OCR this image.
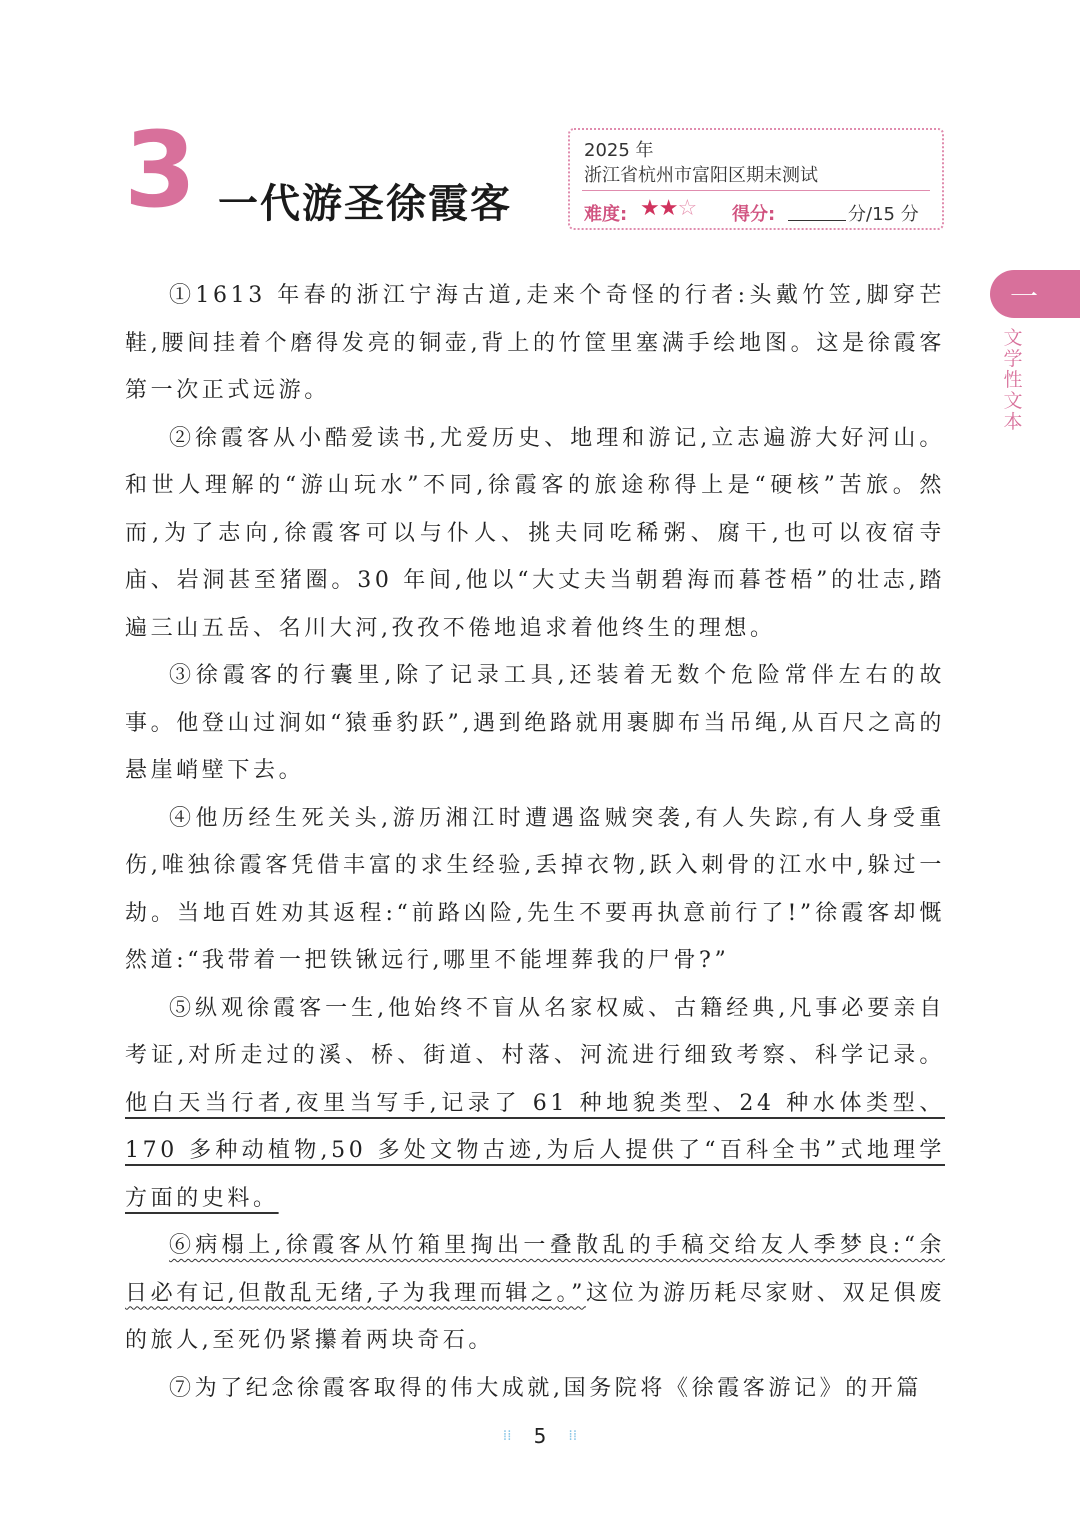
3 一代游圣徐霞客
2025 年
浙江省杭州市富阳区期末测试
难度: ★★☆ 得分:	分/15 分
一
文学性文本

①1613 年春的浙江宁海古道,走来个奇怪的行者:头戴竹笠,脚穿芒鞋,腰间挂着个磨得发亮的铜壶,背上的竹筐里塞满手绘地图。这是徐霞客第一次正式远游。

②徐霞客从小酷爱读书,尤爱历史、地理和游记,立志遍游大好河山。和世人理解的“游山玩水”不同,徐霞客的旅途称得上是“硬核”苦旅。然而,为了志向,徐霞客可以与仆人、挑夫同吃稀粥、腐干,也可以夜宿寺庙、岩洞甚至猪圈。30 年间,他以“大丈夫当朝碧海而暮苍梧”的壮志,踏遍三山五岳、名川大河,孜孜不倦地追求着他终生的理想。

③徐霞客的行囊里,除了记录工具,还装着无数个危险常伴左右的故事。他登山过涧如“猿垂豹跃”,遇到绝路就用裹脚布当吊绳,从百尺之高的悬崖峭壁下去。

④他历经生死关头,游历湘江时遭遇盗贼突袭,有人失踪,有人身受重伤,唯独徐霞客凭借丰富的求生经验,丢掉衣物,跃入刺骨的江水中,躲过一劫。当地百姓劝其返程:“前路凶险,先生不要再执意前行了!”徐霞客却慨然道:“我带着一把铁锹远行,哪里不能埋葬我的尸骨?”

⑤纵观徐霞客一生,他始终不盲从名家权威、古籍经典,凡事必要亲自考证,对所走过的溪、桥、街道、村落、河流进行细致考察、科学记录。他白天当行者,夜里当写手,记录了 61 种地貌类型、24 种水体类型、170 多种动植物,50 多处文物古迹,为后人提供了“百科全书”式地理学方面的史料。

⑥病榻上,徐霞客从竹箱里掏出一叠散乱的手稿交给友人季梦良:“余日必有记,但散乱无绪,子为我理而辑之。”这位为游历耗尽家财、双足俱废的旅人,至死仍紧攥着两块奇石。

⑦为了纪念徐霞客取得的伟大成就,国务院将《徐霞客游记》的开篇

⁞⁞ 5 ⁞⁞
